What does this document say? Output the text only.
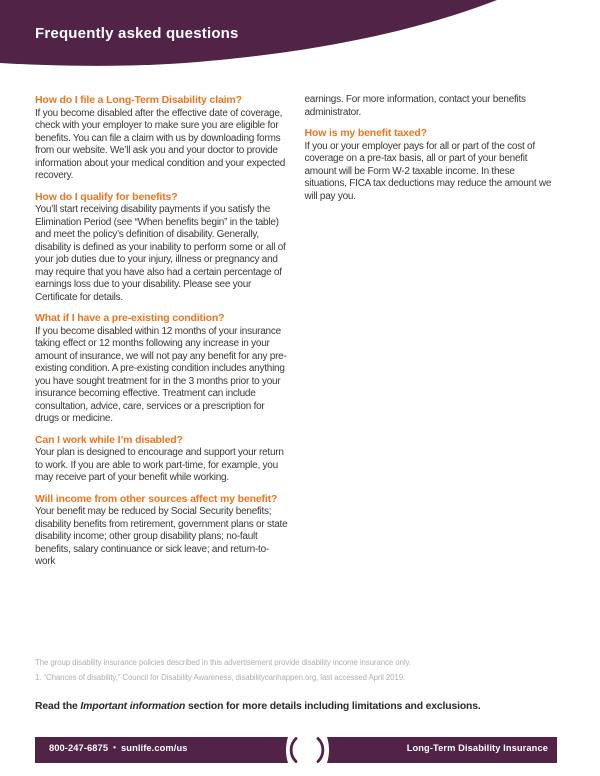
Frequently asked questions
How do I file a Long-Term Disability claim?

If you become disabled after the effective date of coverage, check with your employer to make sure you are eligible for benefits. You can file a claim with us by downloading forms from our website. We’ll ask you and your doctor to provide information about your medical condition and your expected recovery.

How do I qualify for benefits?

You’ll start receiving disability payments if you satisfy the Elimination Period (see “When benefits begin” in the table) and meet the policy’s definition of disability. Generally, disability is defined as your inability to perform some or all of your job duties due to your injury, illness or pregnancy and may require that you have also had a certain percentage of earnings loss due to your disability. Please see your Certificate for details.

What if I have a pre-existing condition?

If you become disabled within 12 months of your insurance taking effect or 12 months following any increase in your amount of insurance, we will not pay any benefit for any pre-existing condition. A pre-existing condition includes anything you have sought treatment for in the 3 months prior to your insurance becoming effective. Treatment can include consultation, advice, care, services or a prescription for drugs or medicine.

Can I work while I’m disabled?

Your plan is designed to encourage and support your return to work. If you are able to work part-time, for example, you may receive part of your benefit while working.

Will income from other sources affect my benefit?

Your benefit may be reduced by Social Security benefits; disability benefits from retirement, government plans or state disability income; other group disability plans; no-fault benefits, salary continuance or sick leave; and return-to-work

earnings. For more information, contact your benefits administrator.

How is my benefit taxed?

If you or your employer pays for all or part of the cost of coverage on a pre-tax basis, all or part of your benefit amount will be Form W-2 taxable income. In these situations, FICA tax deductions may reduce the amount we will pay you.

The group disability insurance policies described in this advertisement provide disability income insurance only.

1. “Chances of disability,” Council for Disability Awareness, disabilitycanhappen.org, last accessed April 2019.

Read the Important information section for more details including limitations and exclusions.

800-247-6875 • sunlife.com/us	Long-Term Disability Insurance
